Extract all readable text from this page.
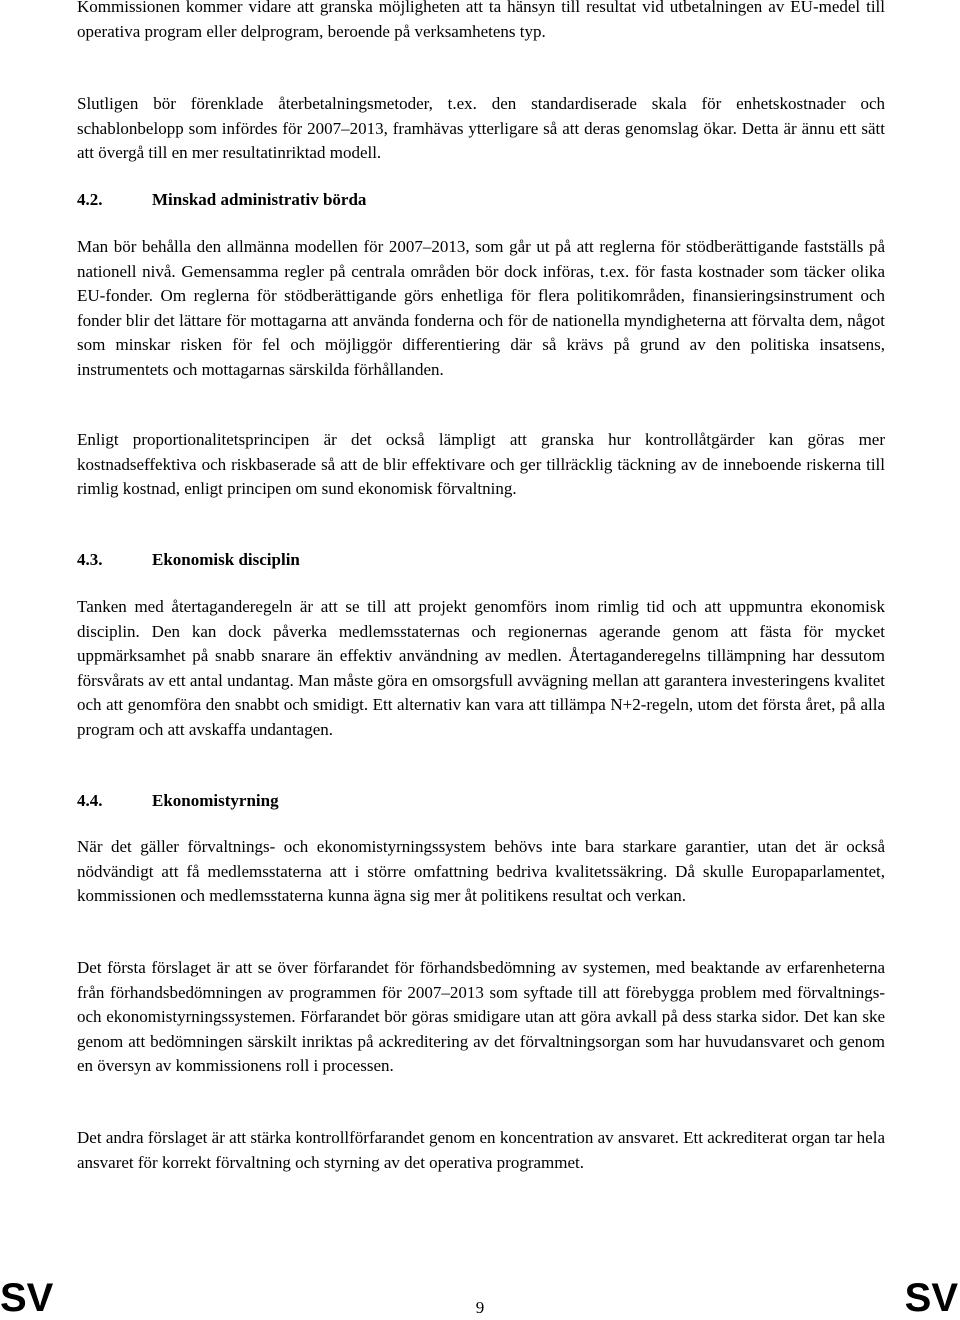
Kommissionen kommer vidare att granska möjligheten att ta hänsyn till resultat vid utbetalningen av EU-medel till operativa program eller delprogram, beroende på verksamhetens typ.

Slutligen bör förenklade återbetalningsmetoder, t.ex. den standardiserade skala för enhetskostnader och schablonbelopp som infördes för 2007–2013, framhävas ytterligare så att deras genomslag ökar. Detta är ännu ett sätt att övergå till en mer resultatinriktad modell.

4.2.	Minskad administrativ börda

Man bör behålla den allmänna modellen för 2007–2013, som går ut på att reglerna för stödberättigande fastställs på nationell nivå. Gemensamma regler på centrala områden bör dock införas, t.ex. för fasta kostnader som täcker olika EU-fonder. Om reglerna för stödberättigande görs enhetliga för flera politikområden, finansieringsinstrument och fonder blir det lättare för mottagarna att använda fonderna och för de nationella myndigheterna att förvalta dem, något som minskar risken för fel och möjliggör differentiering där så krävs på grund av den politiska insatsens, instrumentets och mottagarnas särskilda förhållanden.

Enligt proportionalitetsprincipen är det också lämpligt att granska hur kontrollåtgärder kan göras mer kostnadseffektiva och riskbaserade så att de blir effektivare och ger tillräcklig täckning av de inneboende riskerna till rimlig kostnad, enligt principen om sund ekonomisk förvaltning.

4.3.	Ekonomisk disciplin

Tanken med återtaganderegeln är att se till att projekt genomförs inom rimlig tid och att uppmuntra ekonomisk disciplin. Den kan dock påverka medlemsstaternas och regionernas agerande genom att fästa för mycket uppmärksamhet på snabb snarare än effektiv användning av medlen. Återtaganderegelns tillämpning har dessutom försvårats av ett antal undantag. Man måste göra en omsorgsfull avvägning mellan att garantera investeringens kvalitet och att genomföra den snabbt och smidigt. Ett alternativ kan vara att tillämpa N+2-regeln, utom det första året, på alla program och att avskaffa undantagen.

4.4.	Ekonomistyrning

När det gäller förvaltnings- och ekonomistyrningssystem behövs inte bara starkare garantier, utan det är också nödvändigt att få medlemsstaterna att i större omfattning bedriva kvalitetssäkring. Då skulle Europaparlamentet, kommissionen och medlemsstaterna kunna ägna sig mer åt politikens resultat och verkan.

Det första förslaget är att se över förfarandet för förhandsbedömning av systemen, med beaktande av erfarenheterna från förhandsbedömningen av programmen för 2007–2013 som syftade till att förebygga problem med förvaltnings- och ekonomistyrningssystemen. Förfarandet bör göras smidigare utan att göra avkall på dess starka sidor. Det kan ske genom att bedömningen särskilt inriktas på ackreditering av det förvaltningsorgan som har huvudansvaret och genom en översyn av kommissionens roll i processen.

Det andra förslaget är att stärka kontrollförfarandet genom en koncentration av ansvaret. Ett ackrediterat organ tar hela ansvaret för korrekt förvaltning och styrning av det operativa programmet.

SV	9	SV
